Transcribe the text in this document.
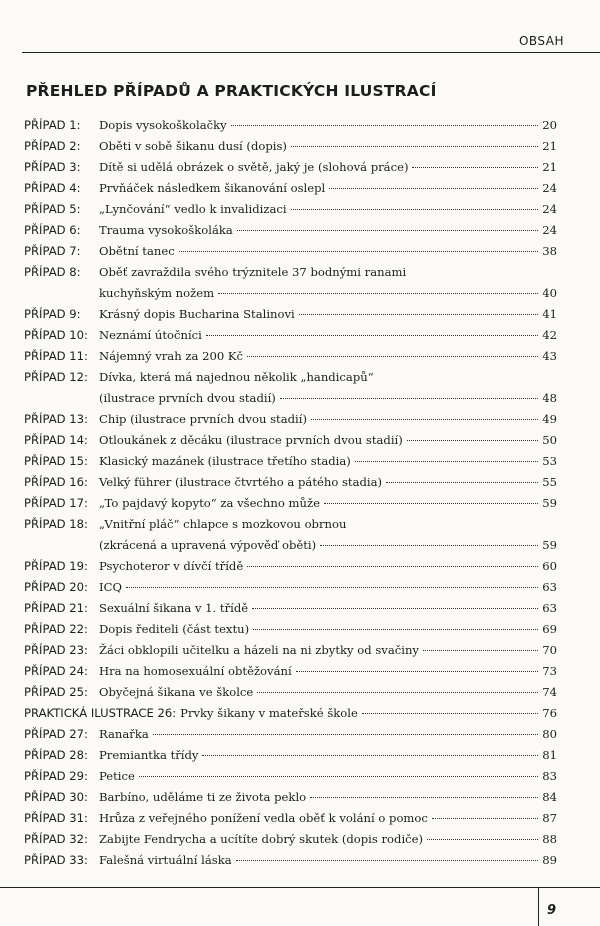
OBSAH
PŘEHLED PŘÍPADŮ A PRAKTICKÝCH ILUSTRACÍ
PŘÍPAD 1:	Dopis vysokoškolačky	20
PŘÍPAD 2:	Oběti v sobě šikanu dusí (dopis)	21
PŘÍPAD 3:	Dítě si udělá obrázek o světě, jaký je (slohová práce)	21
PŘÍPAD 4:	Prvňáček následkem šikanování oslepl	24
PŘÍPAD 5:	„Lynčování“ vedlo k invalidizaci	24
PŘÍPAD 6:	Trauma vysokoškoláka	24
PŘÍPAD 7:	Obětní tanec	38
PŘÍPAD 8:	Oběť zavraždila svého trýznitele 37 bodnými ranami
kuchyňským nožem	40
PŘÍPAD 9:	Krásný dopis Bucharina Stalinovi	41
PŘÍPAD 10: Neznámí útočníci	42
PŘÍPAD 11: Nájemný vrah za 200 Kč	43
PŘÍPAD 12: Dívka, která má najednou několik „handicapů“
(ilustrace prvních dvou stadií)	48
PŘÍPAD 13: Chip (ilustrace prvních dvou stadií)	49
PŘÍPAD 14: Otloukánek z děcáku (ilustrace prvních dvou stadií)	50
PŘÍPAD 15: Klasický mazánek (ilustrace třetího stadia)	53
PŘÍPAD 16: Velký führer (ilustrace čtvrtého a pátého stadia)	55
PŘÍPAD 17: „To pajdavý kopyto“ za všechno může	59
PŘÍPAD 18: „Vnitřní pláč“ chlapce s mozkovou obrnou
(zkrácená a upravená výpověď oběti)	59
PŘÍPAD 19: Psychoteror v dívčí třídě	60
PŘÍPAD 20: ICQ	63
PŘÍPAD 21: Sexuální šikana v 1. třídě	63
PŘÍPAD 22: Dopis řediteli (část textu)	69
PŘÍPAD 23: Žáci obklopili učitelku a házeli na ni zbytky od svačiny	70
PŘÍPAD 24: Hra na homosexuální obtěžování	73
PŘÍPAD 25: Obyčejná šikana ve školce	74
PRAKTICKÁ ILUSTRACE 26: Prvky šikany v mateřské škole	76
PŘÍPAD 27: Ranařka	80
PŘÍPAD 28: Premiantka třídy	81
PŘÍPAD 29: Petice	83
PŘÍPAD 30: Barbíno, uděláme ti ze života peklo	84
PŘÍPAD 31: Hrůza z veřejného ponížení vedla oběť k volání o pomoc	87
PŘÍPAD 32: Zabijte Fendrycha a ucítíte dobrý skutek (dopis rodiče)	88
PŘÍPAD 33: Falešná virtuální láska	89
9
